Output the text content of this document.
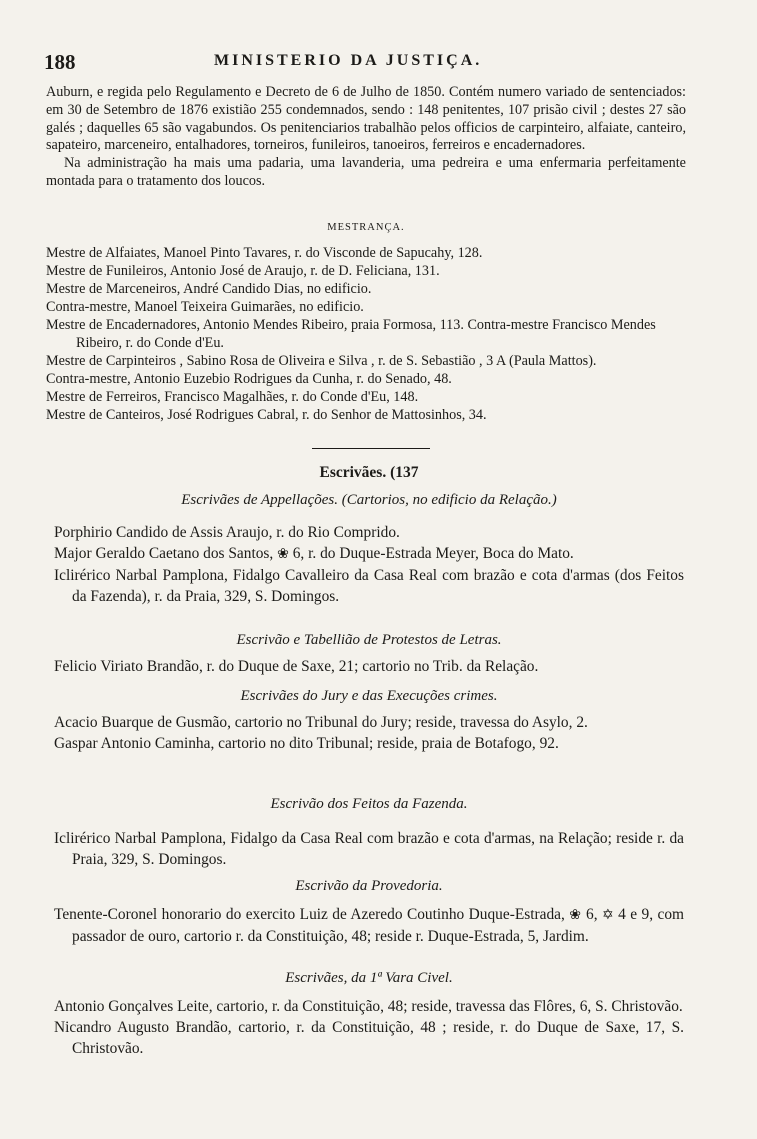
188	MINISTERIO DA JUSTIÇA.

Auburn, e regida pelo Regulamento e Decreto de 6 de Julho de 1850. Contém numero variado de sentenciados: em 30 de Setembro de 1876 existião 255 condemnados, sendo : 148 penitentes, 107 prisão civil ; destes 27 são galés ; daquelles 65 são vagabundos. Os penitenciarios trabalhão pelos officios de carpinteiro, alfaiate, canteiro, sapateiro, marceneiro, entalhadores, torneiros, funileiros, tanoeiros, ferreiros e encadernadores.

Na administração ha mais uma padaria, uma lavanderia, uma pedreira e uma enfermaria perfeitamente montada para o tratamento dos loucos.

MESTRANÇA.

Mestre de Alfaiates, Manoel Pinto Tavares, r. do Visconde de Sapucahy, 128.

Mestre de Funileiros, Antonio José de Araujo, r. de D. Feliciana, 131.

Mestre de Marceneiros, André Candido Dias, no edificio.

Contra-mestre, Manoel Teixeira Guimarães, no edificio.

Mestre de Encadernadores, Antonio Mendes Ribeiro, praia Formosa, 113. Contra-mestre Francisco Mendes Ribeiro, r. do Conde d'Eu.

Mestre de Carpinteiros , Sabino Rosa de Oliveira e Silva , r. de S. Sebastião , 3 A (Paula Mattos).

Contra-mestre, Antonio Euzebio Rodrigues da Cunha, r. do Senado, 48.

Mestre de Ferreiros, Francisco Magalhães, r. do Conde d'Eu, 148.

Mestre de Canteiros, José Rodrigues Cabral, r. do Senhor de Mattosinhos, 34.

Escrivães. (137
Escrivães de Appellações. (Cartorios, no edificio da Relação.)

Porphirio Candido de Assis Araujo, r. do Rio Comprido.

Major Geraldo Caetano dos Santos, ❀ 6, r. do Duque-Estrada Meyer, Boca do Mato.

Iclirérico Narbal Pamplona, Fidalgo Cavalleiro da Casa Real com brazão e cota d'armas (dos Feitos da Fazenda), r. da Praia, 329, S. Domingos.

Escrivão e Tabellião de Protestos de Letras.

Felicio Viriato Brandão, r. do Duque de Saxe, 21; cartorio no Trib. da Relação.

Escrivães do Jury e das Execuções crimes.

Acacio Buarque de Gusmão, cartorio no Tribunal do Jury; reside, travessa do Asylo, 2.

Gaspar Antonio Caminha, cartorio no dito Tribunal; reside, praia de Botafogo, 92.

Escrivão dos Feitos da Fazenda.

Iclirérico Narbal Pamplona, Fidalgo da Casa Real com brazão e cota d'armas, na Relação; reside r. da Praia, 329, S. Domingos.

Escrivão da Provedoria.

Tenente-Coronel honorario do exercito Luiz de Azeredo Coutinho Duque-Estrada, ❀ 6, ✡ 4 e 9, com passador de ouro, cartorio r. da Constituição, 48; reside r. Duque-Estrada, 5, Jardim.

Escrivães, da 1ª Vara Civel.

Antonio Gonçalves Leite, cartorio, r. da Constituição, 48; reside, travessa das Flôres, 6, S. Christovão.

Nicandro Augusto Brandão, cartorio, r. da Constituição, 48 ; reside, r. do Duque de Saxe, 17, S. Christovão.
